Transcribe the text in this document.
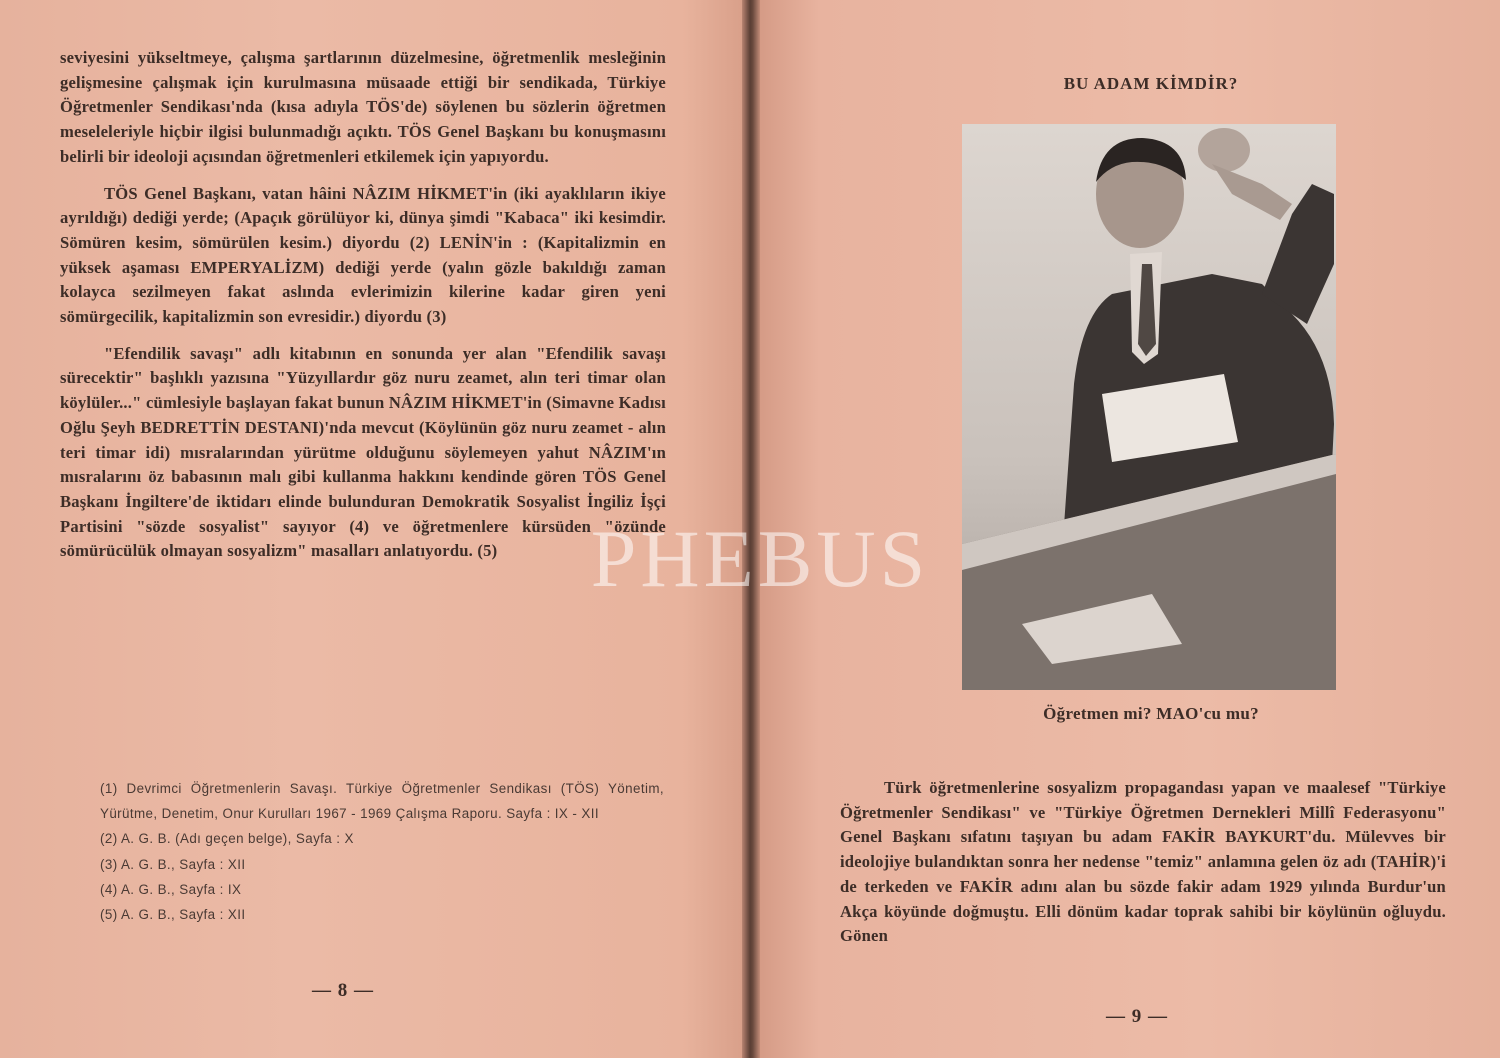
seviyesini yükseltmeye, çalışma şartlarının düzelmesine, öğretmenlik mesleğinin gelişmesine çalışmak için kurulmasına müsaade ettiği bir sendikada, Türkiye Öğretmenler Sendikası'nda (kısa adıyla TÖS'de) söylenen bu sözlerin öğretmen meseleleriyle hiçbir ilgisi bulunmadığı açıktı. TÖS Genel Başkanı bu konuşmasını belirli bir ideoloji açısından öğretmenleri etkilemek için yapıyordu.

TÖS Genel Başkanı, vatan hâini NÂZIM HİKMET'in (iki ayaklıların ikiye ayrıldığı) dediği yerde; (Apaçık görülüyor ki, dünya şimdi "Kabaca" iki kesimdir. Sömüren kesim, sömürülen kesim.) diyordu (2) LENİN'in : (Kapitalizmin en yüksek aşaması EMPERYALİZM) dediği yerde (yalın gözle bakıldığı zaman kolayca sezilmeyen fakat aslında evlerimizin kilerine kadar giren yeni sömürgecilik, kapitalizmin son evresidir.) diyordu (3)

"Efendilik savaşı" adlı kitabının en sonunda yer alan "Efendilik savaşı sürecektir" başlıklı yazısına "Yüzyıllardır göz nuru zeamet, alın teri timar olan köylüler..." cümlesiyle başlayan fakat bunun NÂZIM HİKMET'in (Simavne Kadısı Oğlu Şeyh BEDRETTİN DESTANI)'nda mevcut (Köylünün göz nuru zeamet - alın teri timar idi) mısralarından yürütme olduğunu söylemeyen yahut NÂZIM'ın mısralarını öz babasının malı gibi kullanma hakkını kendinde gören TÖS Genel Başkanı İngiltere'de iktidarı elinde bulunduran Demokratik Sosyalist İngiliz İşçi Partisini "sözde sosyalist" sayıyor (4) ve öğretmenlere kürsüden "özünde sömürücülük olmayan sosyalizm" masalları anlatıyordu. (5)

(1) Devrimci Öğretmenlerin Savaşı. Türkiye Öğretmenler Sendikası (TÖS) Yönetim, Yürütme, Denetim, Onur Kurulları 1967 - 1969 Çalışma Raporu. Sayfa : IX - XII

(2) A. G. B. (Adı geçen belge), Sayfa : X

(3) A. G. B., Sayfa : XII

(4) A. G. B., Sayfa : IX

(5) A. G. B., Sayfa : XII

— 8 —
BU ADAM KİMDİR?
Öğretmen mi? MAO'cu mu?

Türk öğretmenlerine sosyalizm propagandası yapan ve maalesef "Türkiye Öğretmenler Sendikası" ve "Türkiye Öğretmen Dernekleri Millî Federasyonu" Genel Başkanı sıfatını taşıyan bu adam FAKİR BAYKURT'du. Mülevves bir ideolojiye bulandıktan sonra her nedense "temiz" anlamına gelen öz adı (TAHİR)'i de terkeden ve FAKİR adını alan bu sözde fakir adam 1929 yılında Burdur'un Akça köyünde doğmuştu. Elli dönüm kadar toprak sahibi bir köylünün oğluydu. Gönen

— 9 —
PHEBUS
